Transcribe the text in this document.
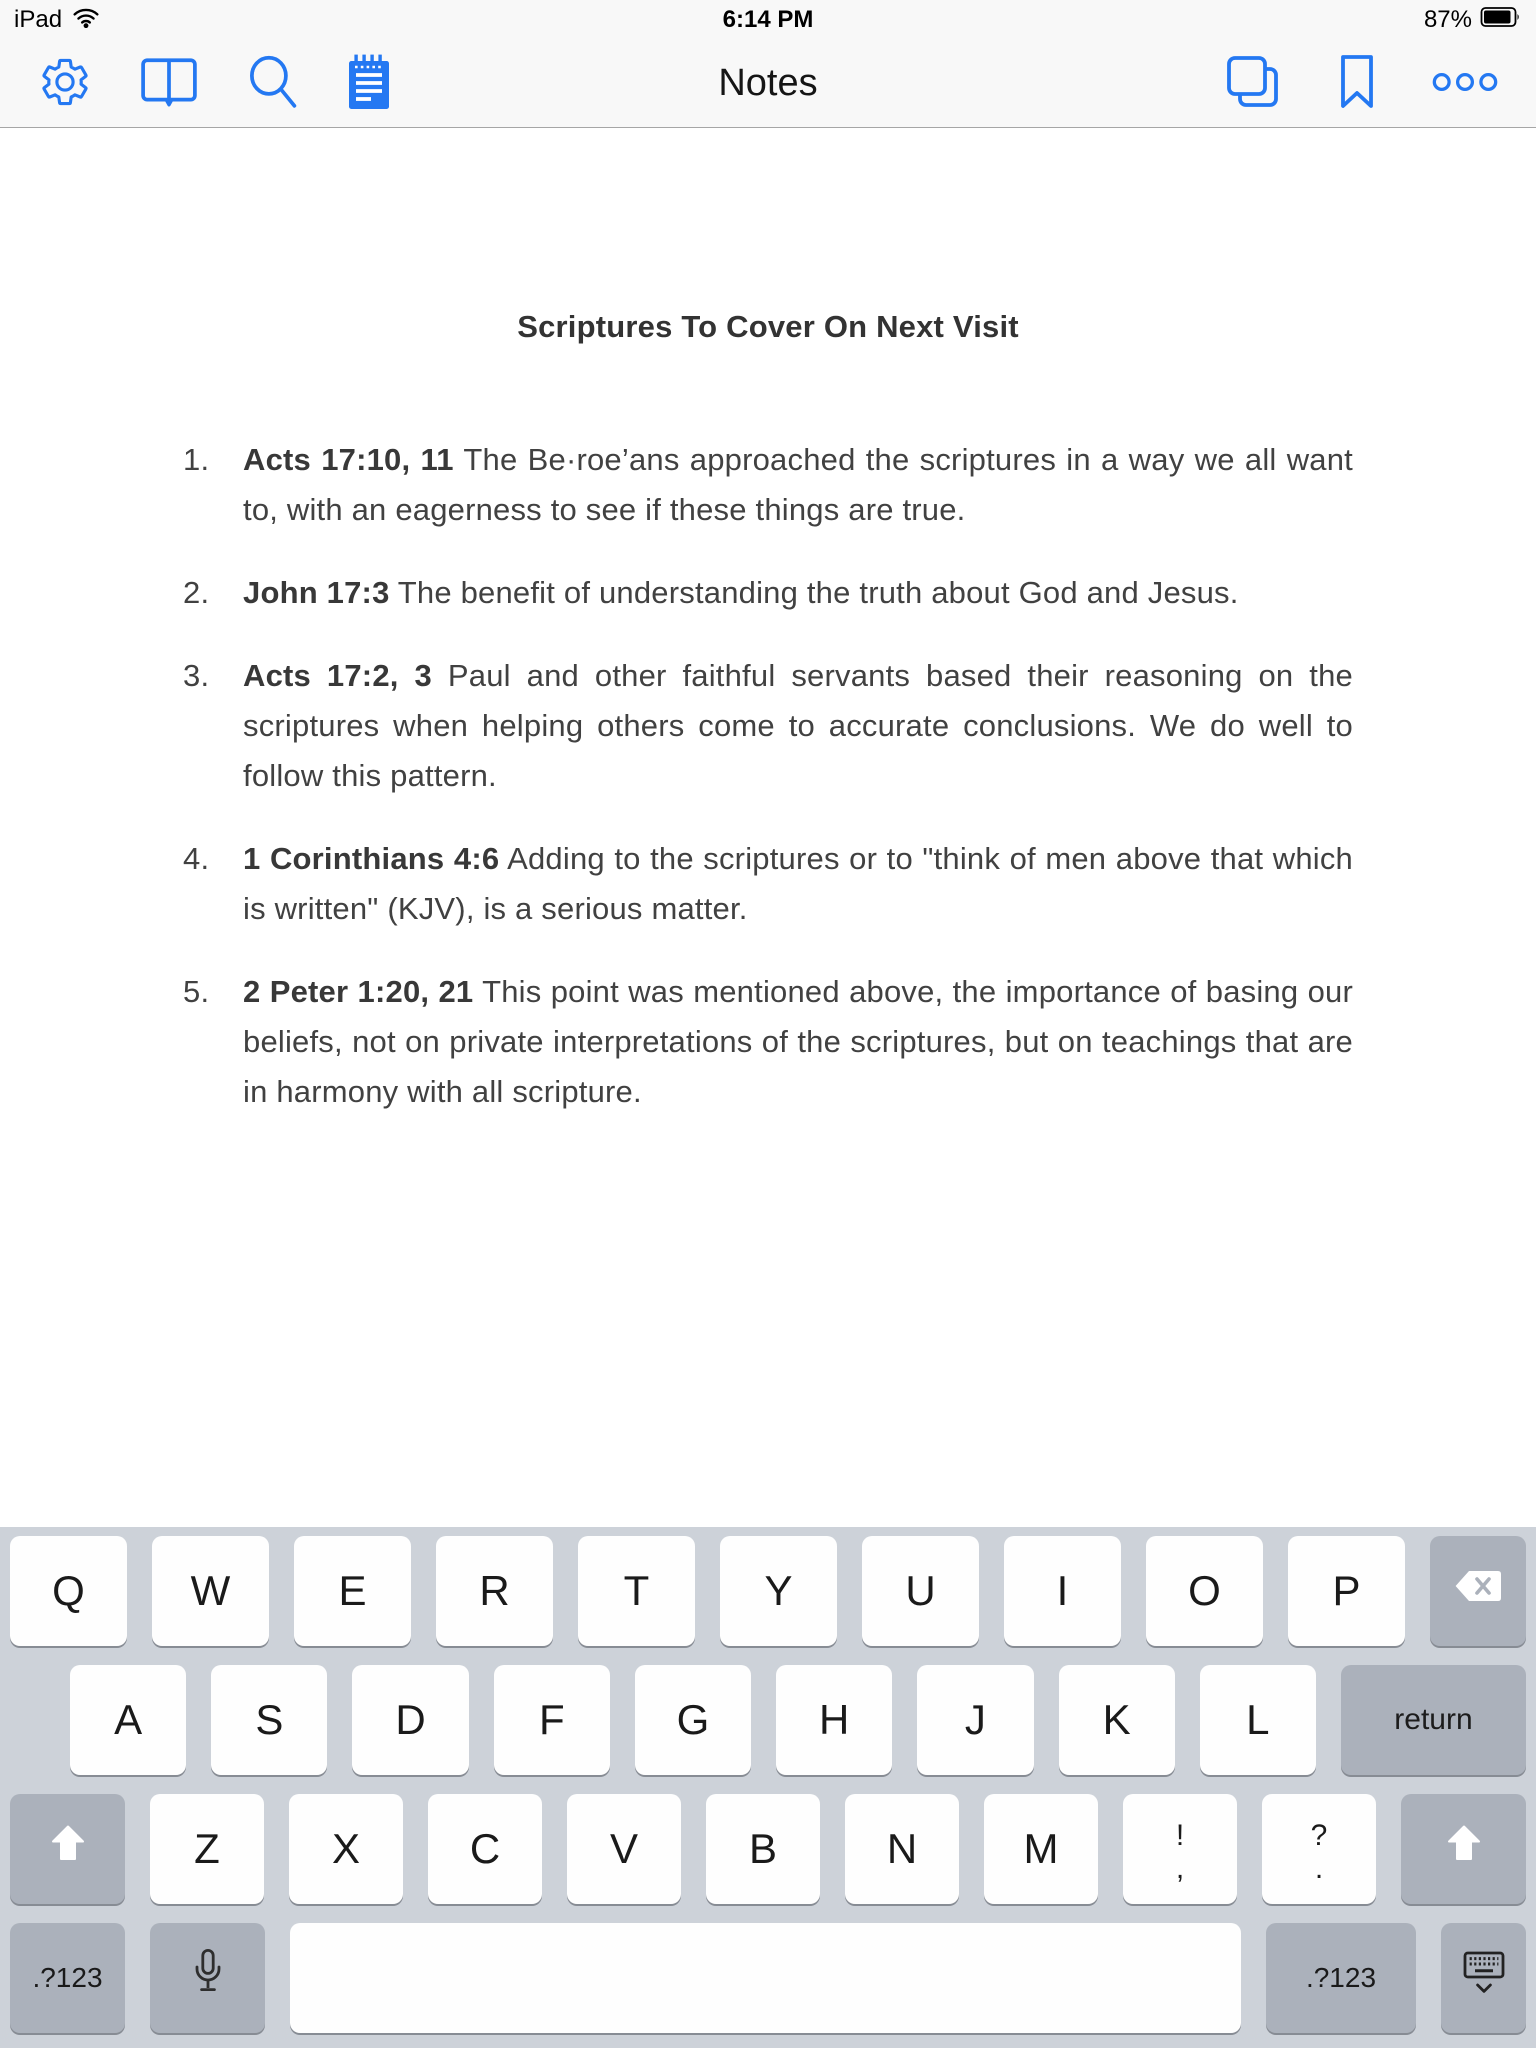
iPad	6:14 PM	87%
Notes
Scriptures To Cover On Next Visit
1.	Acts 17:10, 11 The Be·roe’ans approached the scriptures in a way we all want to, with an eagerness to see if these things are true.
2.	John 17:3 The benefit of understanding the truth about God and Jesus.
3.	Acts 17:2, 3 Paul and other faithful servants based their reasoning on the scriptures when helping others come to accurate conclusions. We do well to follow this pattern.
4.	1 Corinthians 4:6 Adding to the scriptures or to "think of men above that which is written" (KJV), is a serious matter.
5.	2 Peter 1:20, 21 This point was mentioned above, the importance of basing our beliefs, not on private interpretations of the scriptures, but on teachings that are in harmony with all scripture.
Q	W	E	R	T	Y	U	I	O	P
A	S	D	F	G	H	J	K	L	return
Z	X	C	V	B	N	M	!
,
?
.
.?123	.?123
